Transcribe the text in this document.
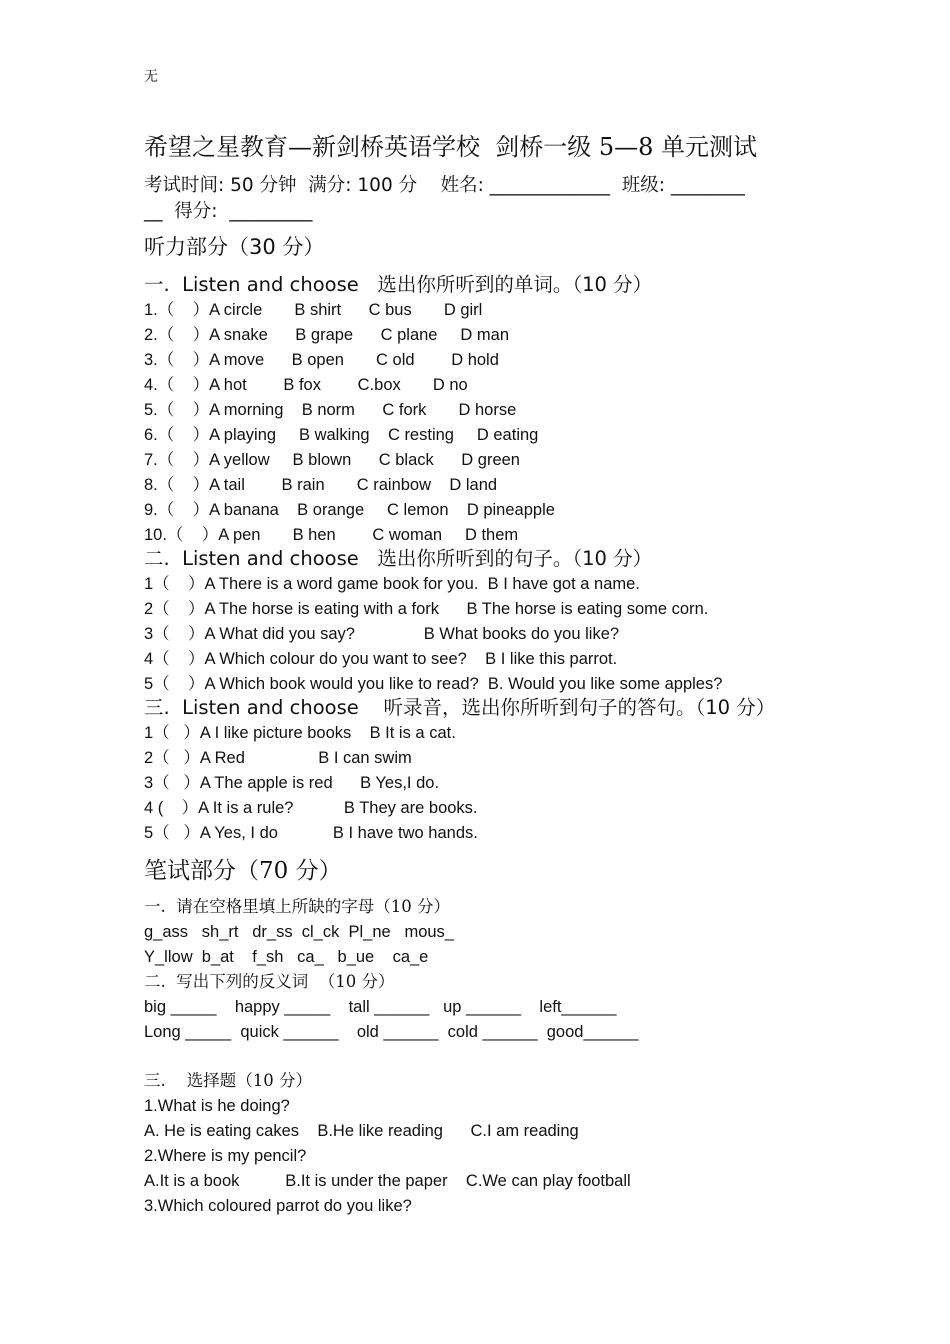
无
希望之星教育—新剑桥英语学校  剑桥一级 5—8 单元测试
考试时间: 50 分钟  满分: 100 分    姓名: _____________  班级: ________
__  得分:  _________
听力部分（30 分）
一.  Listen and choose   选出你所听到的单词。（10 分）
1.（    ）A circle       B shirt      C bus       D girl
2.（    ）A snake      B grape      C plane     D man
3.（    ）A move      B open       C old        D hold
4.（    ）A hot        B fox        C.box       D no
5.（    ）A morning    B norm      C fork       D horse
6.（    ）A playing     B walking    C resting     D eating
7.（    ）A yellow     B blown      C black      D green
8.（    ）A tail        B rain       C rainbow    D land
9.（    ）A banana    B orange     C lemon    D pineapple
10.（    ）A pen       B hen        C woman     D them
二.  Listen and choose   选出你所听到的句子。（10 分）
1（    ）A There is a word game book for you.  B I have got a name.
2（    ）A The horse is eating with a fork      B The horse is eating some corn.
3（    ）A What did you say?               B What books do you like?
4（    ）A Which colour do you want to see?    B I like this parrot.
5（    ）A Which book would you like to read?  B. Would you like some apples?
三.  Listen and choose    听录音，选出你所听到句子的答句。（10 分）
1（   ）A I like picture books    B It is a cat.
2（   ）A Red                B I can swim
3（   ）A The apple is red      B Yes,I do.
4 (    ）A It is a rule?           B They are books.
5（   ）A Yes, I do            B I have two hands.
笔试部分（70 分）
一.  请在空格里填上所缺的字母（10 分）
g_ass   sh_rt   dr_ss  cl_ck  Pl_ne   mous_
Y_llow  b_at    f_sh   ca_   b_ue    ca_e
二.  写出下列的反义词  （10 分）
big _____    happy _____    tall ______   up ______    left______
Long _____  quick ______    old ______  cold ______  good______
三.    选择题（10 分）
1.What is he doing?
A. He is eating cakes    B.He like reading      C.I am reading
2.Where is my pencil?
A.It is a book          B.It is under the paper    C.We can play football
3.Which coloured parrot do you like?
